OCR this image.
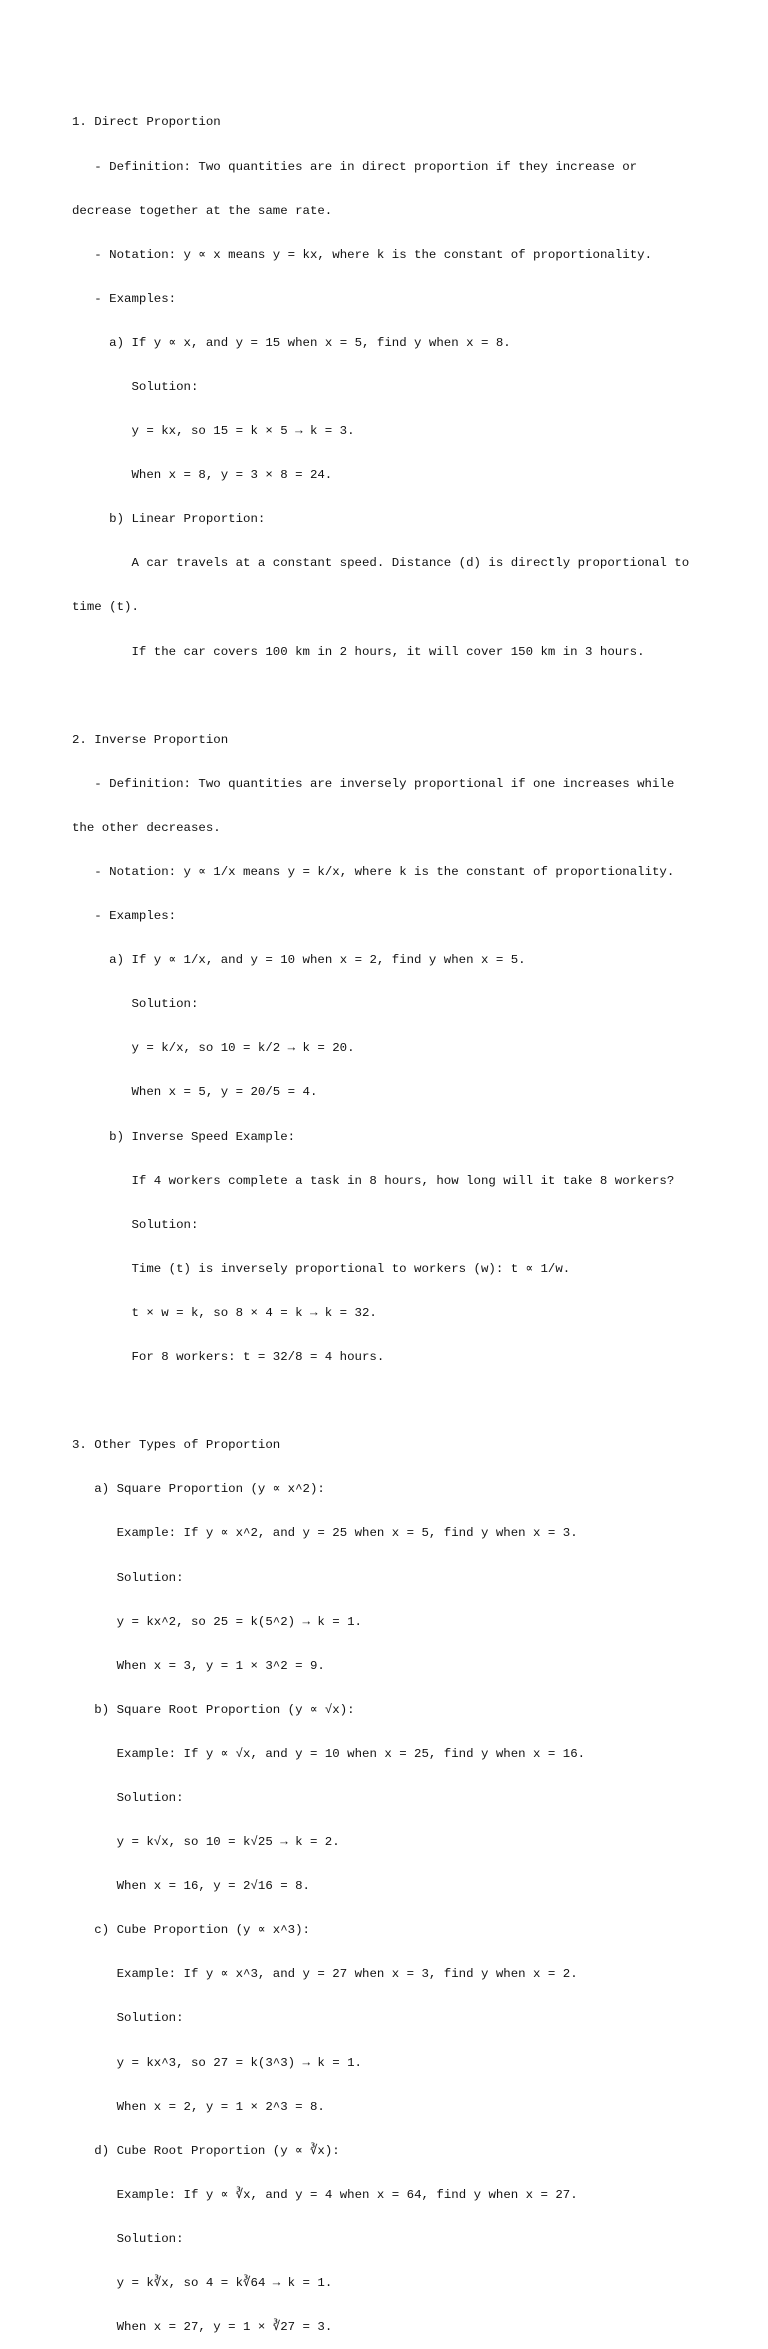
1. Direct Proportion

- Definition: Two quantities are in direct proportion if they increase or

decrease together at the same rate.

- Notation: y ∝ x means y = kx, where k is the constant of proportionality.

- Examples:

a) If y ∝ x, and y = 15 when x = 5, find y when x = 8.

Solution:

y = kx, so 15 = k × 5 → k = 3.

When x = 8, y = 3 × 8 = 24.

b) Linear Proportion:

A car travels at a constant speed. Distance (d) is directly proportional to

time (t).

If the car covers 100 km in 2 hours, it will cover 150 km in 3 hours.

2. Inverse Proportion

- Definition: Two quantities are inversely proportional if one increases while

the other decreases.

- Notation: y ∝ 1/x means y = k/x, where k is the constant of proportionality.

- Examples:

a) If y ∝ 1/x, and y = 10 when x = 2, find y when x = 5.

Solution:

y = k/x, so 10 = k/2 → k = 20.

When x = 5, y = 20/5 = 4.

b) Inverse Speed Example:

If 4 workers complete a task in 8 hours, how long will it take 8 workers?

Solution:

Time (t) is inversely proportional to workers (w): t ∝ 1/w.

t × w = k, so 8 × 4 = k → k = 32.

For 8 workers: t = 32/8 = 4 hours.

3. Other Types of Proportion

a) Square Proportion (y ∝ x^2):

Example: If y ∝ x^2, and y = 25 when x = 5, find y when x = 3.

Solution:

y = kx^2, so 25 = k(5^2) → k = 1.

When x = 3, y = 1 × 3^2 = 9.

b) Square Root Proportion (y ∝ √x):

Example: If y ∝ √x, and y = 10 when x = 25, find y when x = 16.

Solution:

y = k√x, so 10 = k√25 → k = 2.

When x = 16, y = 2√16 = 8.

c) Cube Proportion (y ∝ x^3):

Example: If y ∝ x^3, and y = 27 when x = 3, find y when x = 2.

Solution:

y = kx^3, so 27 = k(3^3) → k = 1.

When x = 2, y = 1 × 2^3 = 8.

d) Cube Root Proportion (y ∝ ∛x):

Example: If y ∝ ∛x, and y = 4 when x = 64, find y when x = 27.

Solution:

y = k∛x, so 4 = k∛64 → k = 1.

When x = 27, y = 1 × ∛27 = 3.
